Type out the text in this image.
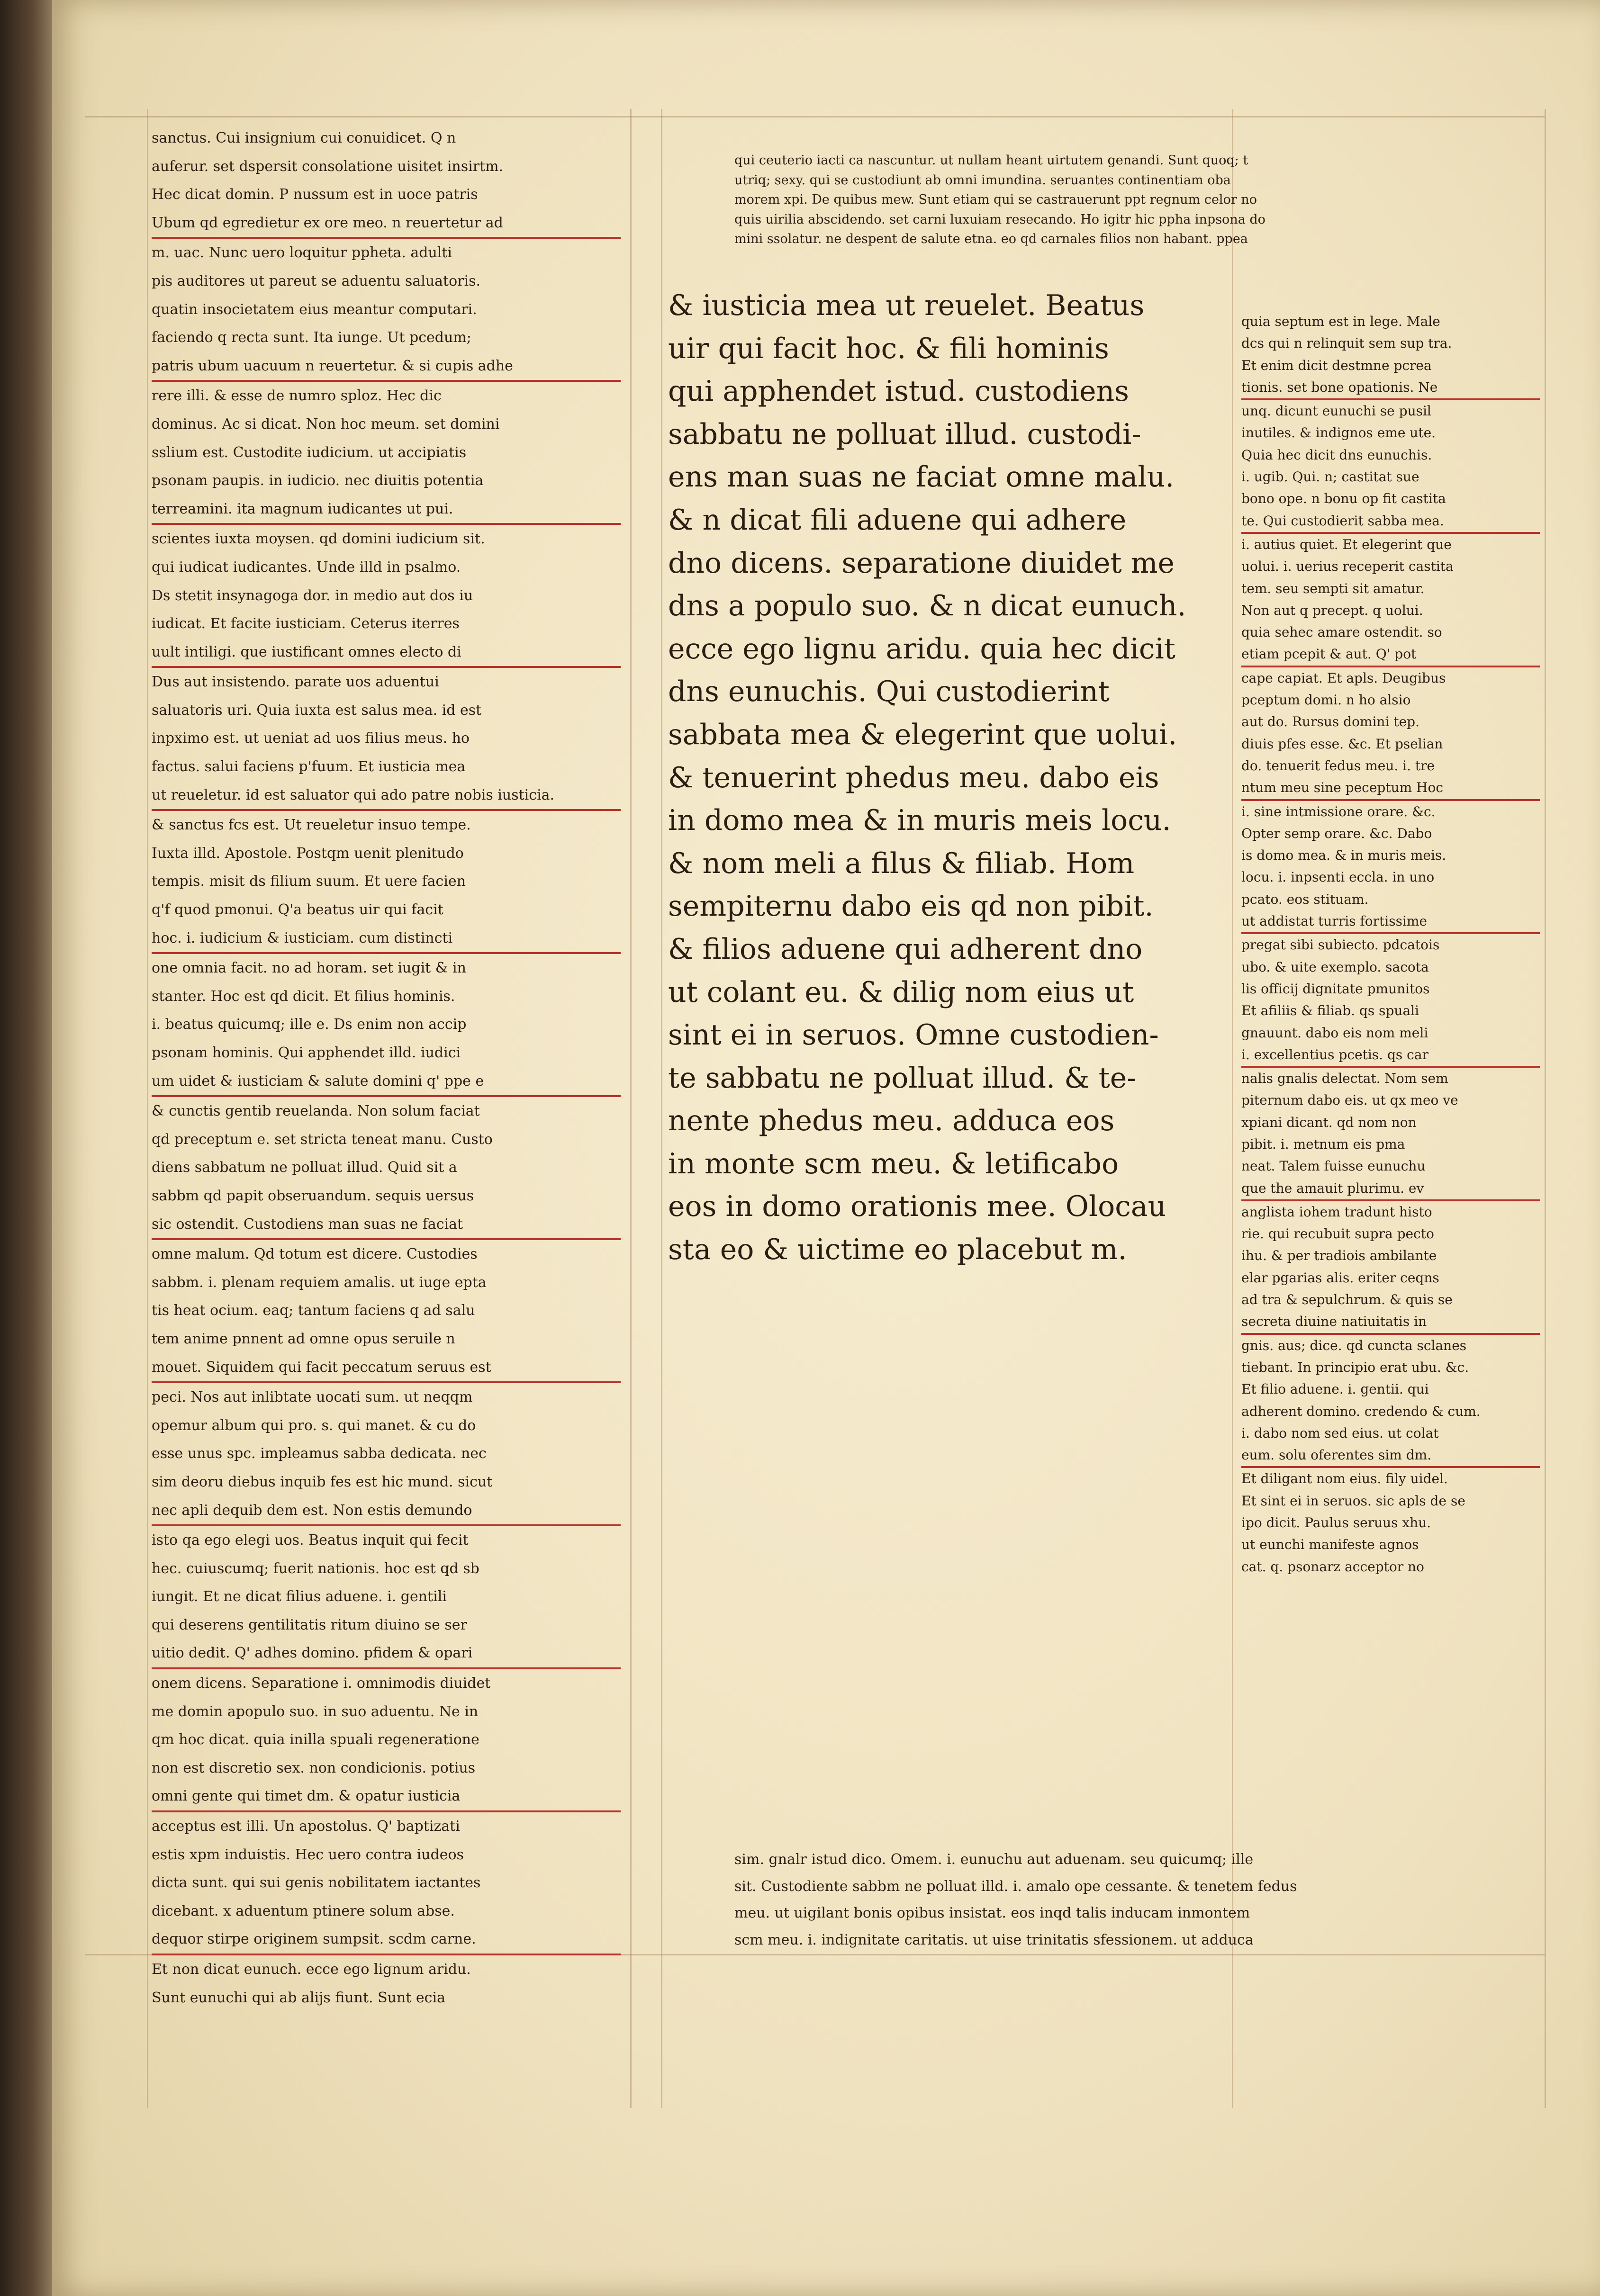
qui ceuterio iacti ca nascuntur. ut nullam heant uirtutem genandi. Sunt quoq; t
utriq; sexy. qui se custodiunt ab omni imundina. seruantes continentiam oba
morem xpi. De quibus mew. Sunt etiam qui se castrauerunt ppt regnum celor no
quis uirilia abscidendo. set carni luxuiam resecando. Ho igitr hic ppha inpsona do
mini ssolatur. ne despent de salute etna. eo qd carnales filios non habant. ppea
& iusticia mea ut reuelet. Beatus
uir qui facit hoc. & fili hominis
qui apphendet istud. custodiens
sabbatu ne polluat illud. custodi-
ens man suas ne faciat omne malu.
& n dicat fili aduene qui adhere
dno dicens. separatione diuidet me
dns a populo suo. & n dicat eunuch.
ecce ego lignu aridu. quia hec dicit
dns eunuchis. Qui custodierint
sabbata mea & elegerint que uolui.
& tenuerint phedus meu. dabo eis
in domo mea & in muris meis locu.
& nom meli a filus & filiab. Hom
sempiternu dabo eis qd non pibit.
& filios aduene qui adherent dno
ut colant eu. & dilig nom eius ut
sint ei in seruos. Omne custodien-
te sabbatu ne polluat illud. & te-
nente phedus meu. adduca eos
in monte scm meu. & letificabo
eos in domo orationis mee. Olocau
sta eo & uictime eo placebut m.
sanctus. Cui insignium cui conuidicet. Q n
auferur. set dspersit consolatione uisitet insirtm.
Hec dicat domin. P nussum est in uoce patris
Ubum qd egredietur ex ore meo. n reuertetur ad
m. uac. Nunc uero loquitur ppheta. adulti
pis auditores ut pareut se aduentu saluatoris.
quatin insocietatem eius meantur computari.
faciendo q recta sunt. Ita iunge. Ut pcedum;
patris ubum uacuum n reuertetur. & si cupis adhe
rere illi. & esse de numro sploz. Hec dic
dominus. Ac si dicat. Non hoc meum. set domini
sslium est. Custodite iudicium. ut accipiatis
psonam paupis. in iudicio. nec diuitis potentia
terreamini. ita magnum iudicantes ut pui.
scientes iuxta moysen. qd domini iudicium sit.
qui iudicat iudicantes. Unde illd in psalmo.
Ds stetit insynagoga dor. in medio aut dos iu
iudicat. Et facite iusticiam. Ceterus iterres
uult intiligi. que iustificant omnes electo di
Dus aut insistendo. parate uos aduentui
saluatoris uri. Quia iuxta est salus mea. id est
inpximo est. ut ueniat ad uos filius meus. ho
factus. salui faciens p'fuum. Et iusticia mea
ut reueletur. id est saluator qui ado patre nobis iusticia.
& sanctus fcs est. Ut reueletur insuo tempe.
Iuxta illd. Apostole. Postqm uenit plenitudo
tempis. misit ds filium suum. Et uere facien
q'f quod pmonui. Q'a beatus uir qui facit
hoc. i. iudicium & iusticiam. cum distincti
one omnia facit. no ad horam. set iugit & in
stanter. Hoc est qd dicit. Et filius hominis.
i. beatus quicumq; ille e. Ds enim non accip
psonam hominis. Qui apphendet illd. iudici
um uidet & iusticiam & salute domini q' ppe e
& cunctis gentib reuelanda. Non solum faciat
qd preceptum e. set stricta teneat manu. Custo
diens sabbatum ne polluat illud. Quid sit a
sabbm qd papit obseruandum. sequis uersus
sic ostendit. Custodiens man suas ne faciat
omne malum. Qd totum est dicere. Custodies
sabbm. i. plenam requiem amalis. ut iuge epta
tis heat ocium. eaq; tantum faciens q ad salu
tem anime pnnent ad omne opus seruile n
mouet. Siquidem qui facit peccatum seruus est
peci. Nos aut inlibtate uocati sum. ut neqqm
opemur album qui pro. s. qui manet. & cu do
esse unus spc. impleamus sabba dedicata. nec
sim deoru diebus inquib fes est hic mund. sicut
nec apli dequib dem est. Non estis demundo
isto qa ego elegi uos. Beatus inquit qui fecit
hec. cuiuscumq; fuerit nationis. hoc est qd sb
iungit. Et ne dicat filius aduene. i. gentili
qui deserens gentilitatis ritum diuino se ser
uitio dedit. Q' adhes domino. pfidem & opari
onem dicens. Separatione i. omnimodis diuidet
me domin apopulo suo. in suo aduentu. Ne in
qm hoc dicat. quia inilla spuali regeneratione
non est discretio sex. non condicionis. potius
omni gente qui timet dm. & opatur iusticia
acceptus est illi. Un apostolus. Q' baptizati
estis xpm induistis. Hec uero contra iudeos
dicta sunt. qui sui genis nobilitatem iactantes
dicebant. x aduentum ptinere solum abse.
dequor stirpe originem sumpsit. scdm carne.
Et non dicat eunuch. ecce ego lignum aridu.
Sunt eunuchi qui ab alijs fiunt. Sunt ecia
quia septum est in lege. Male
dcs qui n relinquit sem sup tra.
Et enim dicit destmne pcrea
tionis. set bone opationis. Ne
unq. dicunt eunuchi se pusil
inutiles. & indignos eme ute.
Quia hec dicit dns eunuchis.
i. ugib. Qui. n; castitat sue
bono ope. n bonu op fit castita
te. Qui custodierit sabba mea.
i. autius quiet. Et elegerint que
uolui. i. uerius receperit castita
tem. seu sempti sit amatur.
Non aut q precept. q uolui.
quia sehec amare ostendit. so
etiam pcepit & aut. Q' pot
cape capiat. Et apls. Deugibus
pceptum domi. n ho alsio
aut do. Rursus domini tep.
diuis pfes esse. &c. Et pselian
do. tenuerit fedus meu. i. tre
ntum meu sine peceptum Hoc
i. sine intmissione orare. &c.
Opter semp orare. &c. Dabo
is domo mea. & in muris meis.
locu. i. inpsenti eccla. in uno
pcato. eos stituam.
ut addistat turris fortissime
pregat sibi subiecto. pdcatois
ubo. & uite exemplo. sacota
lis officij dignitate pmunitos
Et afiliis & filiab. qs spuali
gnauunt. dabo eis nom meli
i. excellentius pcetis. qs car
nalis gnalis delectat. Nom sem
piternum dabo eis. ut qx meo ve
xpiani dicant. qd nom non
pibit. i. metnum eis pma
neat. Talem fuisse eunuchu
que the amauit plurimu. ev
anglista iohem tradunt histo
rie. qui recubuit supra pecto
ihu. & per tradiois ambilante
elar pgarias alis. eriter ceqns
ad tra & sepulchrum. & quis se
secreta diuine natiuitatis in
gnis. aus; dice. qd cuncta sclanes
tiebant. In principio erat ubu. &c.
Et filio aduene. i. gentii. qui
adherent domino. credendo & cum.
i. dabo nom sed eius. ut colat
eum. solu oferentes sim dm.
Et diligant nom eius. fily uidel.
Et sint ei in seruos. sic apls de se
ipo dicit. Paulus seruus xhu.
ut eunchi manifeste agnos
cat. q. psonarz acceptor no
sim. gnalr istud dico. Omem. i. eunuchu aut aduenam. seu quicumq; ille
sit. Custodiente sabbm ne polluat illd. i. amalo ope cessante. & tenetem fedus
meu. ut uigilant bonis opibus insistat. eos inqd talis inducam inmontem
scm meu. i. indignitate caritatis. ut uise trinitatis sfessionem. ut adduca
